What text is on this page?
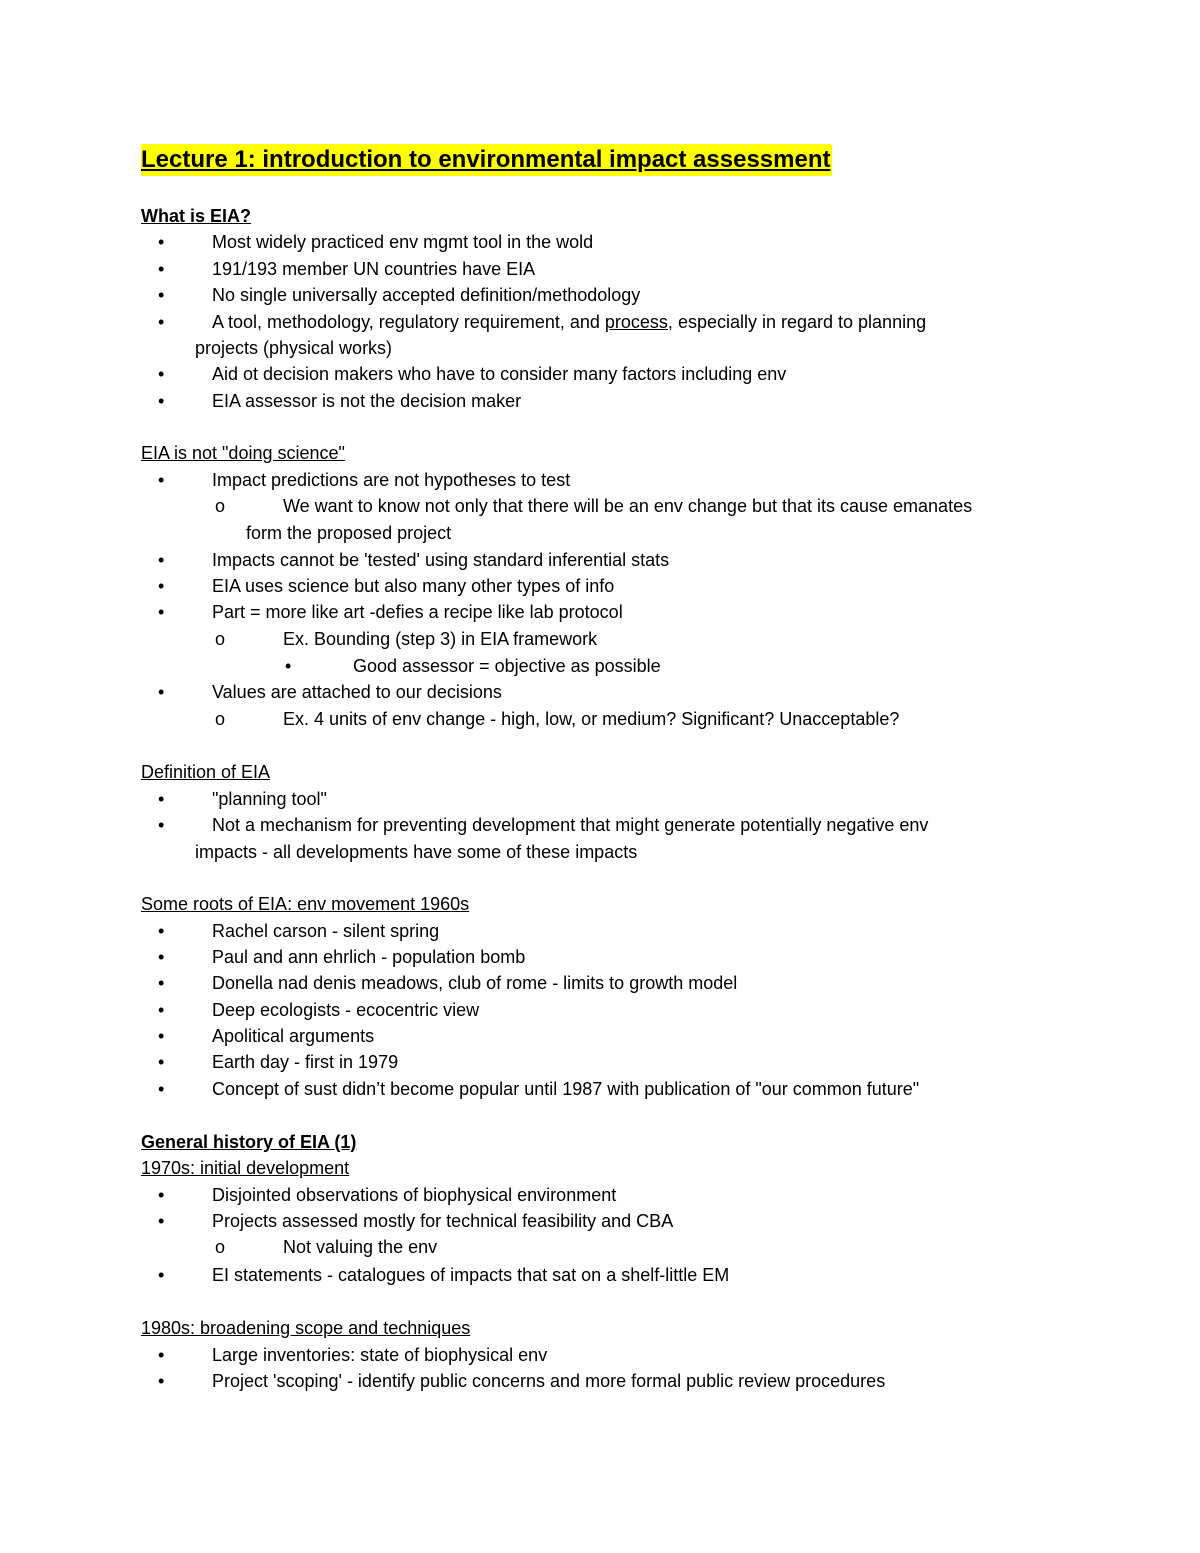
Lecture 1: introduction to environmental impact assessment
What is EIA?
•	Most widely practiced env mgmt tool in the wold
•	191/193 member UN countries have EIA
•	No single universally accepted definition/methodology
•	A tool, methodology, regulatory requirement, and process, especially in regard to planning
projects (physical works)
•	Aid ot decision makers who have to consider many factors including env
•	EIA assessor is not the decision maker
EIA is not "doing science"
•	Impact predictions are not hypotheses to test
o	We want to know not only that there will be an env change but that its cause emanates
form the proposed project
•	Impacts cannot be 'tested' using standard inferential stats
•	EIA uses science but also many other types of info
•	Part = more like art -defies a recipe like lab protocol
o	Ex. Bounding (step 3) in EIA framework
•	Good assessor = objective as possible
•	Values are attached to our decisions
o	Ex. 4 units of env change - high, low, or medium? Significant? Unacceptable?
Definition of EIA
•	"planning tool"
•	Not a mechanism for preventing development that might generate potentially negative env
impacts - all developments have some of these impacts
Some roots of EIA: env movement 1960s
•	Rachel carson - silent spring
•	Paul and ann ehrlich - population bomb
•	Donella nad denis meadows, club of rome - limits to growth model
•	Deep ecologists - ecocentric view
•	Apolitical arguments
•	Earth day - first in 1979
•	Concept of sust didn’t become popular until 1987 with publication of "our common future"
General history of EIA (1)
1970s: initial development
•	Disjointed observations of biophysical environment
•	Projects assessed mostly for technical feasibility and CBA
o	Not valuing the env
•	EI statements - catalogues of impacts that sat on a shelf-little EM
1980s: broadening scope and techniques
•	Large inventories: state of biophysical env
•	Project 'scoping' - identify public concerns and more formal public review procedures
